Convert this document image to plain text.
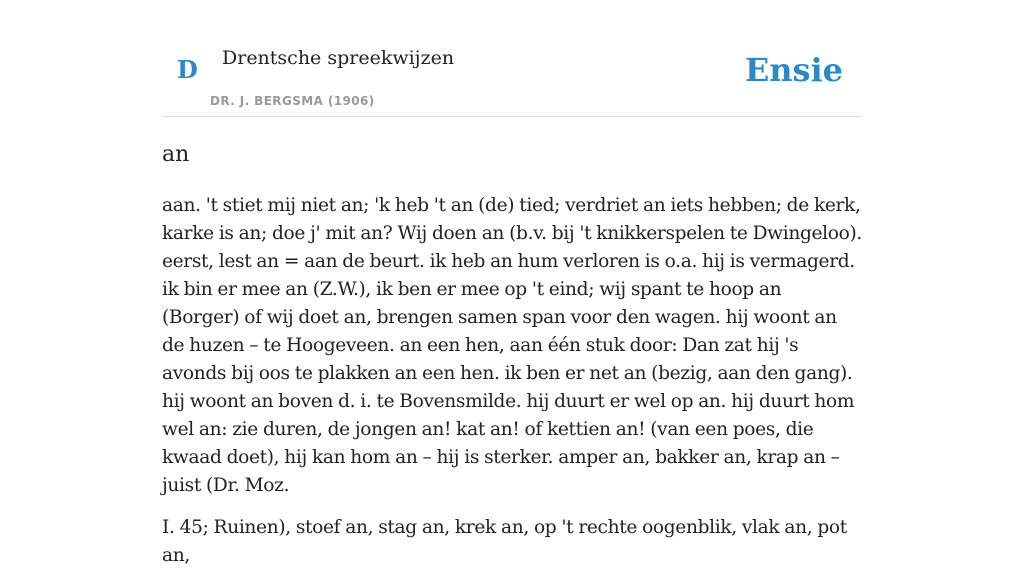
D Drentsche spreekwijzen
DR. J. BERGSMA (1906)
Ensie
an

aan. 't stiet mij niet an; 'k heb 't an (de) tied; verdriet an iets hebben; de kerk, karke is an; doe j' mit an? Wij doen an (b.v. bij 't knikkerspelen te Dwingeloo). eerst, lest an = aan de beurt. ik heb an hum verloren is o.a. hij is vermagerd. ik bin er mee an (Z.W.), ik ben er mee op 't eind; wij spant te hoop an (Borger) of wij doet an, brengen samen span voor den wagen. hij woont an de huzen – te Hoogeveen. an een hen, aan één stuk door: Dan zat hij 's avonds bij oos te plakken an een hen. ik ben er net an (bezig, aan den gang). hij woont an boven d. i. te Bovensmilde. hij duurt er wel op an. hij duurt hom wel an: zie duren, de jongen an! kat an! of kettien an! (van een poes, die kwaad doet), hij kan hom an – hij is sterker. amper an, bakker an, krap an – juist (Dr. Moz.

I. 45; Ruinen), stoef an, stag an, krek an, op 't rechte oogenblik, vlak an, pot an,
